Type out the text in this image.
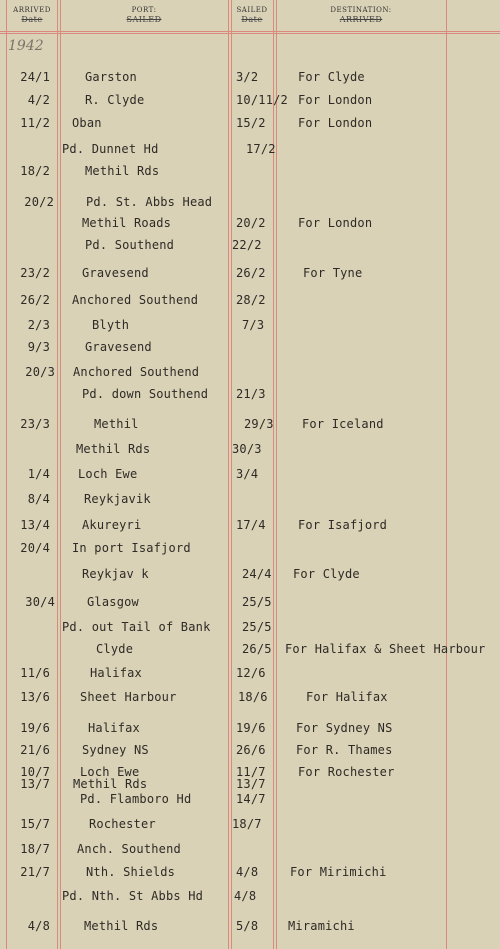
ARRIVED
Date
PORT:
SAILED
SAILED
Date
DESTINATION:
ARRIVED
1942
24/1	Garston	3/2	For Clyde
4/2	R. Clyde	10/11/2 For London
11/2 Oban	15/2	For London
Pd. Dunnet Hd	17/2
18/2	Methil Rds
20/2	Pd. St. Abbs Head
Methil Roads	20/2	For London
Pd. Southend	22/2
23/2	Gravesend	26/2	For Tyne
26/2 Anchored Southend	28/2
2/3	Blyth	7/3
9/3	Gravesend
20/3 Anchored Southend
Pd. down Southend 21/3
23/3	Methil	29/3 For Iceland
Methil Rds	30/3
1/4 Loch Ewe	3/4
8/4	Reykjavik
13/4	Akureyri	17/4	For Isafjord
20/4 In port Isafjord
Reykjav k	24/4 For Clyde
30/4	Glasgow	25/5
Pd. out Tail of Bank	25/5
Clyde	26/5 For Halifax & Sheet Harbour
11/6	Halifax	12/6
13/6	Sheet Harbour	18/6	For Halifax
19/6	Halifax	19/6	For Sydney NS
21/6	Sydney NS	26/6	For R. Thames
10/7	Loch Ewe	11/7	For Rochester
13/7 Methil Rds	13/7
Pd. Flamboro Hd	14/7
15/7	Rochester	18/7
18/7 Anch. Southend
21/7	Nth. Shields	4/8	For Mirimichi
Pd. Nth. St Abbs Hd	4/8
4/8	Methil Rds	5/8 Miramichi
